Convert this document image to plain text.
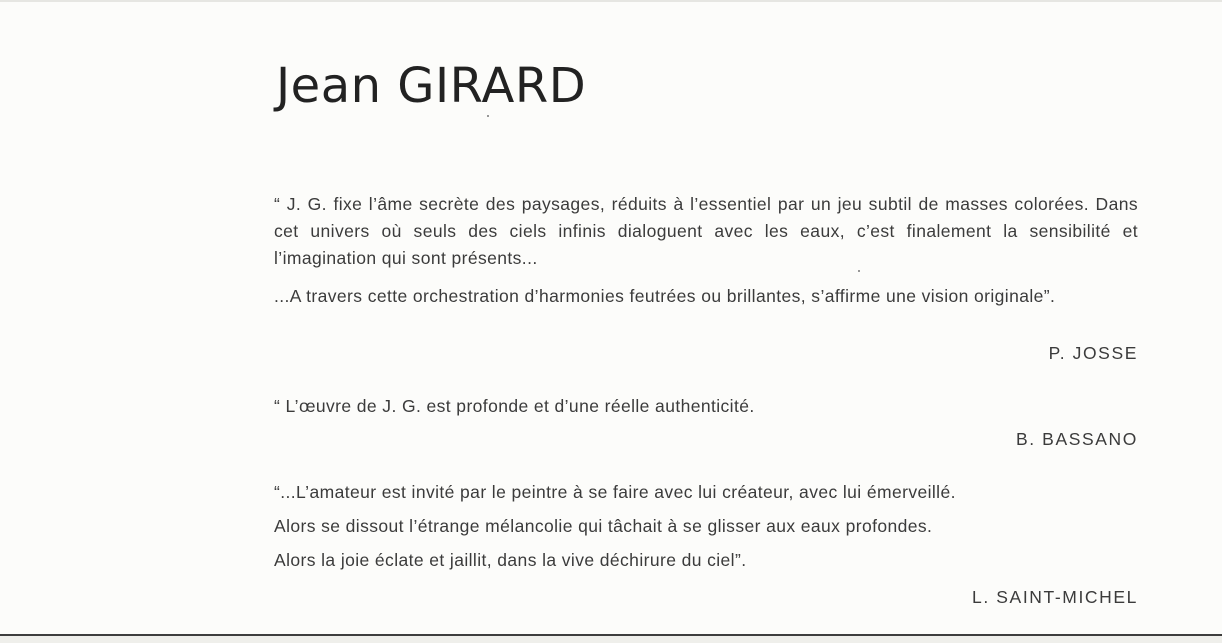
Jean GIRARD

“ J. G. fixe l’âme secrète des paysages, réduits à l’essentiel par un jeu subtil de masses colorées. Dans cet univers où seuls des ciels infinis dialoguent avec les eaux, c’est finalement la sensibilité et l’imagination qui sont présents...

...A travers cette orchestration d’harmonies feutrées ou brillantes, s’affirme une vision originale”.

P. JOSSE

“ L’œuvre de J. G. est profonde et d’une réelle authenticité.

B. BASSANO

“...L’amateur est invité par le peintre à se faire avec lui créateur, avec lui émerveillé.

Alors se dissout l’étrange mélancolie qui tâchait à se glisser aux eaux profondes.

Alors la joie éclate et jaillit, dans la vive déchirure du ciel”.

L. SAINT-MICHEL
